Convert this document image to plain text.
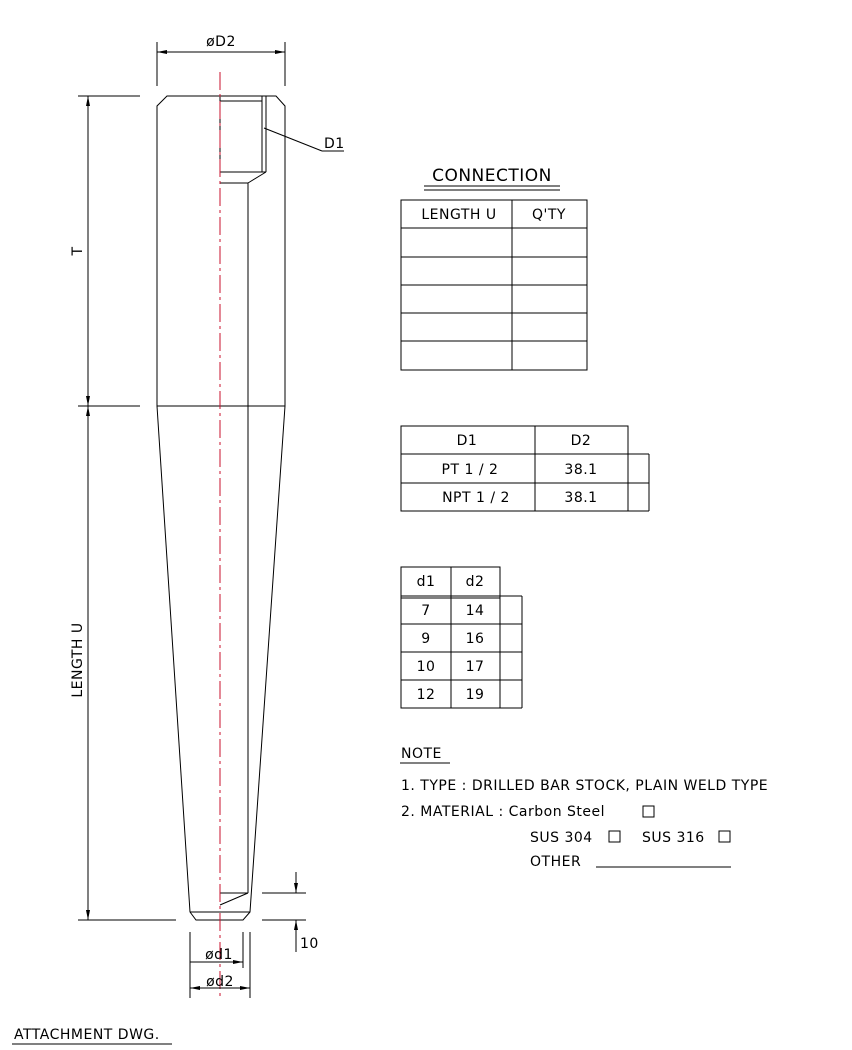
øD2
D1
T
LENGTH U
10
ød1
ød2
ATTACHMENT DWG.
CONNECTION
LENGTH U	Q'TY
D1	D2
PT 1 / 2	38.1
NPT 1 / 2	38.1
d1 d2
7 14
9 16
10 17
12 19
NOTE
1. TYPE : DRILLED BAR STOCK, PLAIN WELD TYPE
2. MATERIAL : Carbon Steel
SUS 304	SUS 316
OTHER
